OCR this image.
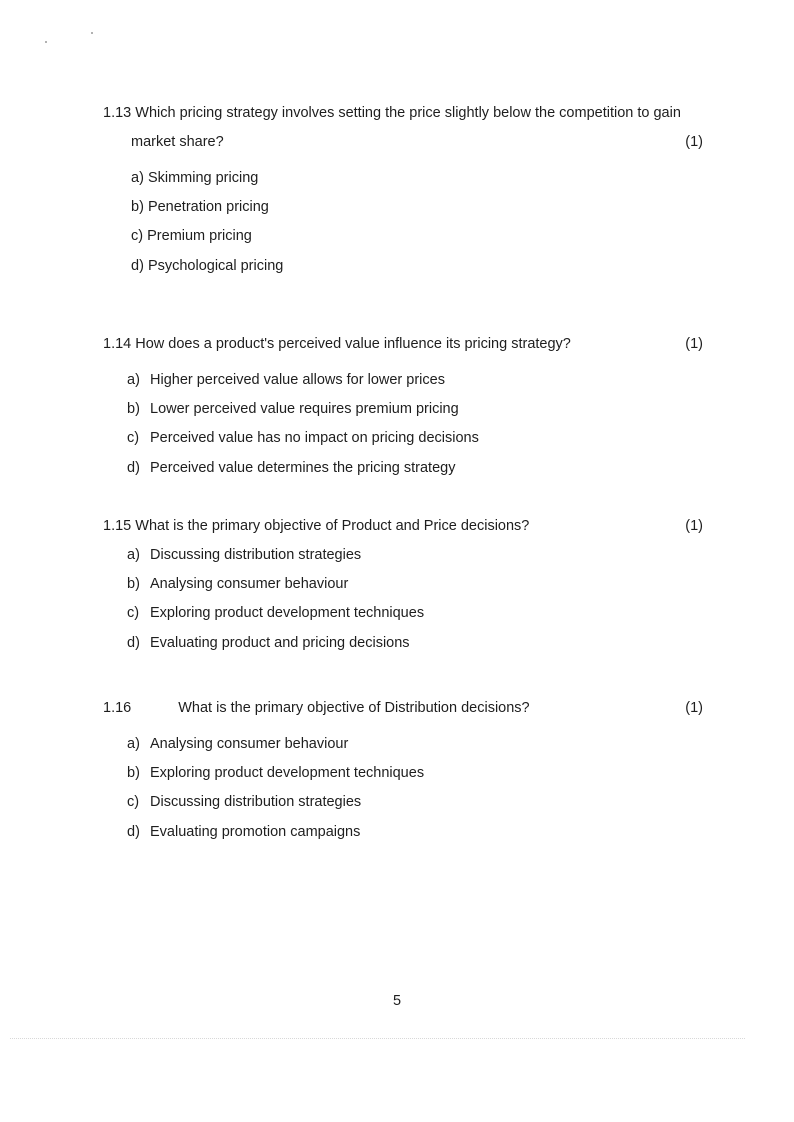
1.13 Which pricing strategy involves setting the price slightly below the competition to gain
market share?	(1)
a) Skimming pricing
b) Penetration pricing
c) Premium pricing
d) Psychological pricing
1.14 How does a product's perceived value influence its pricing strategy?	(1)
a) Higher perceived value allows for lower prices
b) Lower perceived value requires premium pricing
c) Perceived value has no impact on pricing decisions
d) Perceived value determines the pricing strategy
1.15 What is the primary objective of Product and Price decisions?	(1)
a) Discussing distribution strategies
b) Analysing consumer behaviour
c) Exploring product development techniques
d) Evaluating product and pricing decisions
1.16	What is the primary objective of Distribution decisions?	(1)
a) Analysing consumer behaviour
b) Exploring product development techniques
c) Discussing distribution strategies
d) Evaluating promotion campaigns
5
